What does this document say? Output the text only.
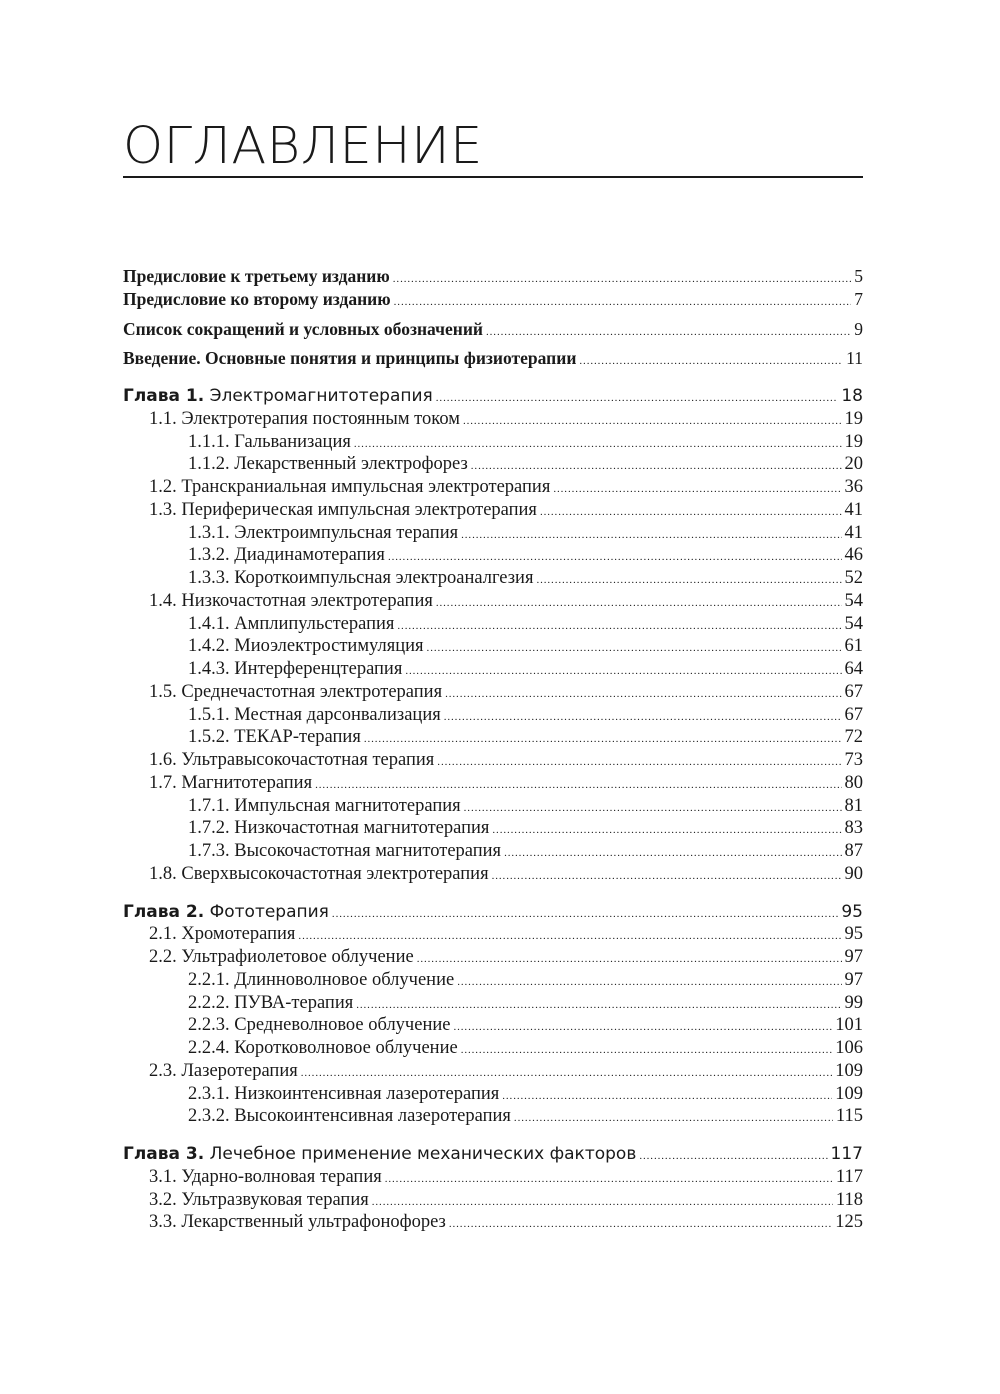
ОГЛАВЛЕНИЕ
Предисловие к третьему изданию .....	5
Предисловие ко второму изданию .....	7
Список сокращений и условных обозначений .....	9
Введение. Основные понятия и принципы физиотерапии .....	11
Глава 1. Электромагнитотерапия .....	18
1.1. Электротерапия постоянным током .....	19
1.1.1. Гальванизация .....	19
1.1.2. Лекарственный электрофорез .....	20
1.2. Транскраниальная импульсная электротерапия .....	36
1.3. Периферическая импульсная электротерапия .....	41
1.3.1. Электроимпульсная терапия .....	41
1.3.2. Диадинамотерапия .....	46
1.3.3. Короткоимпульсная электроаналгезия .....	52
1.4. Низкочастотная электротерапия .....	54
1.4.1. Амплипульстерапия .....	54
1.4.2. Миоэлектростимуляция .....	61
1.4.3. Интерференцтерапия .....	64
1.5. Среднечастотная электротерапия .....	67
1.5.1. Местная дарсонвализация .....	67
1.5.2. ТЕКАР-терапия .....	72
1.6. Ультравысокочастотная терапия .....	73
1.7. Магнитотерапия .....	80
1.7.1. Импульсная магнитотерапия .....	81
1.7.2. Низкочастотная магнитотерапия .....	83
1.7.3. Высокочастотная магнитотерапия .....	87
1.8. Сверхвысокочастотная электротерапия .....	90
Глава 2. Фототерапия .....	95
2.1. Хромотерапия .....	95
2.2. Ультрафиолетовое облучение .....	97
2.2.1. Длинноволновое облучение .....	97
2.2.2. ПУВА-терапия .....	99
2.2.3. Средневолновое облучение .....	101
2.2.4. Коротковолновое облучение .....	106
2.3. Лазеротерапия .....	109
2.3.1. Низкоинтенсивная лазеротерапия .....	109
2.3.2. Высокоинтенсивная лазеротерапия .....	115
Глава 3. Лечебное применение механических факторов .....	117
3.1. Ударно-волновая терапия .....	117
3.2. Ультразвуковая терапия .....	118
3.3. Лекарственный ультрафонофорез .....	125
